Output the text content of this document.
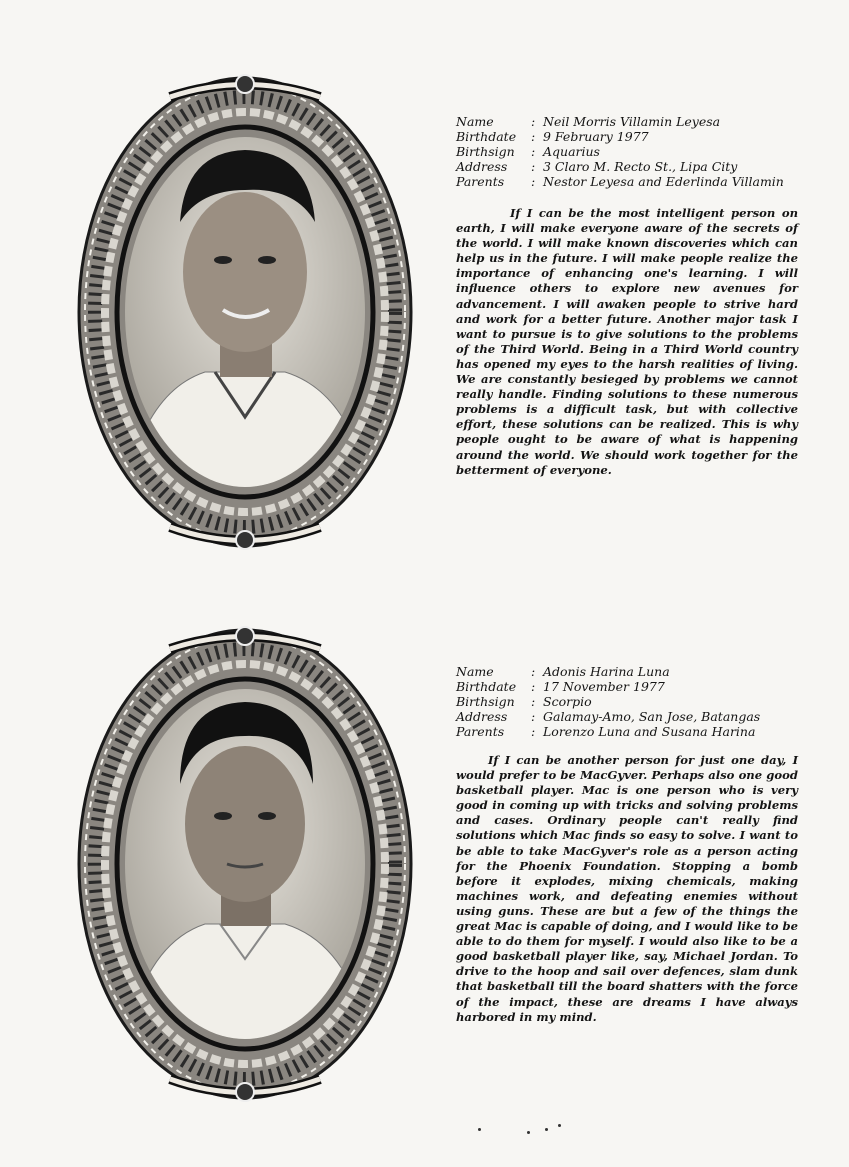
Name	: Neil Morris Villamin Leyesa
Birthdate	: 9 February 1977
Birthsign	: Aquarius
Address	: 3 Claro M. Recto St., Lipa City
Parents	: Nestor Leyesa and Ederlinda Villamin

If I can be the most intelligent person on earth, I will make everyone aware of the secrets of the world. I will make known discoveries which can help us in the future. I will make people realize the importance of enhancing one's learning. I will influence others to explore new avenues for advancement. I will awaken people to strive hard and work for a better future. Another major task I want to pursue is to give solutions to the problems of the Third World. Being in a Third World country has opened my eyes to the harsh realities of living. We are constantly besieged by problems we cannot really handle. Finding solutions to these numerous problems is a difficult task, but with collective effort, these solutions can be realized. This is why people ought to be aware of what is happening around the world. We should work together for the betterment of everyone.

Name	: Adonis Harina Luna
Birthdate	: 17 November 1977
Birthsign	: Scorpio
Address	: Galamay-Amo, San Jose, Batangas
Parents	: Lorenzo Luna and Susana Harina

If I can be another person for just one day, I would prefer to be MacGyver. Perhaps also one good basketball player. Mac is one person who is very good in coming up with tricks and solving problems and cases. Ordinary people can't really find solutions which Mac finds so easy to solve. I want to be able to take MacGyver's role as a person acting for the Phoenix Foundation. Stopping a bomb before it explodes, mixing chemicals, making machines work, and defeating enemies without using guns. These are but a few of the things the great Mac is capable of doing, and I would like to be able to do them for myself. I would also like to be a good basketball player like, say, Michael Jordan. To drive to the hoop and sail over defences, slam dunk that basketball till the board shatters with the force of the impact, these are dreams I have always harbored in my mind.
